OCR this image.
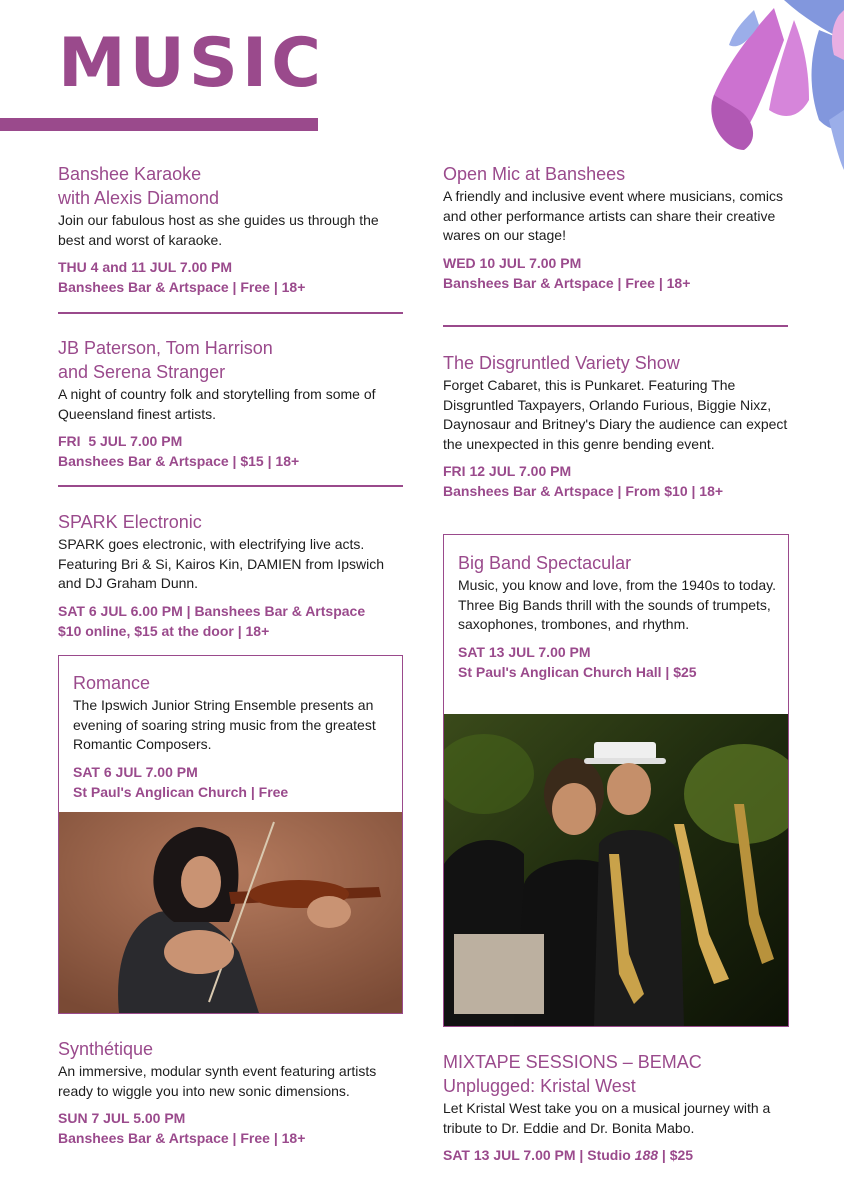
MUSIC
Banshee Karaoke
with Alexis Diamond
Join our fabulous host as she guides us through the best and worst of karaoke.
THU 4 and 11 JUL 7.00 PM
Banshees Bar & Artspace | Free | 18+
JB Paterson, Tom Harrison
and Serena Stranger
A night of country folk and storytelling from some of Queensland finest artists.
FRI  5 JUL 7.00 PM
Banshees Bar & Artspace | $15 | 18+
SPARK Electronic
SPARK goes electronic, with electrifying live acts. Featuring Bri & Si, Kairos Kin, DAMIEN from Ipswich and DJ Graham Dunn.
SAT 6 JUL 6.00 PM | Banshees Bar & Artspace
$10 online, $15 at the door | 18+
Romance
The Ipswich Junior String Ensemble presents an evening of soaring string music from the greatest Romantic Composers.
SAT 6 JUL 7.00 PM
St Paul's Anglican Church | Free
Synthétique
An immersive, modular synth event featuring artists ready to wiggle you into new sonic dimensions.
SUN 7 JUL 5.00 PM
Banshees Bar & Artspace | Free | 18+
Open Mic at Banshees
A friendly and inclusive event where musicians, comics and other performance artists can share their creative wares on our stage!
WED 10 JUL 7.00 PM
Banshees Bar & Artspace | Free | 18+
The Disgruntled Variety Show
Forget Cabaret, this is Punkaret. Featuring The Disgruntled Taxpayers, Orlando Furious, Biggie Nixz, Daynosaur and Britney's Diary the audience can expect the unexpected in this genre bending event.
FRI 12 JUL 7.00 PM
Banshees Bar & Artspace | From $10 | 18+
Big Band Spectacular
Music, you know and love, from the 1940s to today. Three Big Bands thrill with the sounds of trumpets, saxophones, trombones, and rhythm.
SAT 13 JUL 7.00 PM
St Paul's Anglican Church Hall | $25
MIXTAPE SESSIONS – BEMAC
Unplugged: Kristal West
Let Kristal West take you on a musical journey with a tribute to Dr. Eddie and Dr. Bonita Mabo.
SAT 13 JUL 7.00 PM | Studio 188 | $25
